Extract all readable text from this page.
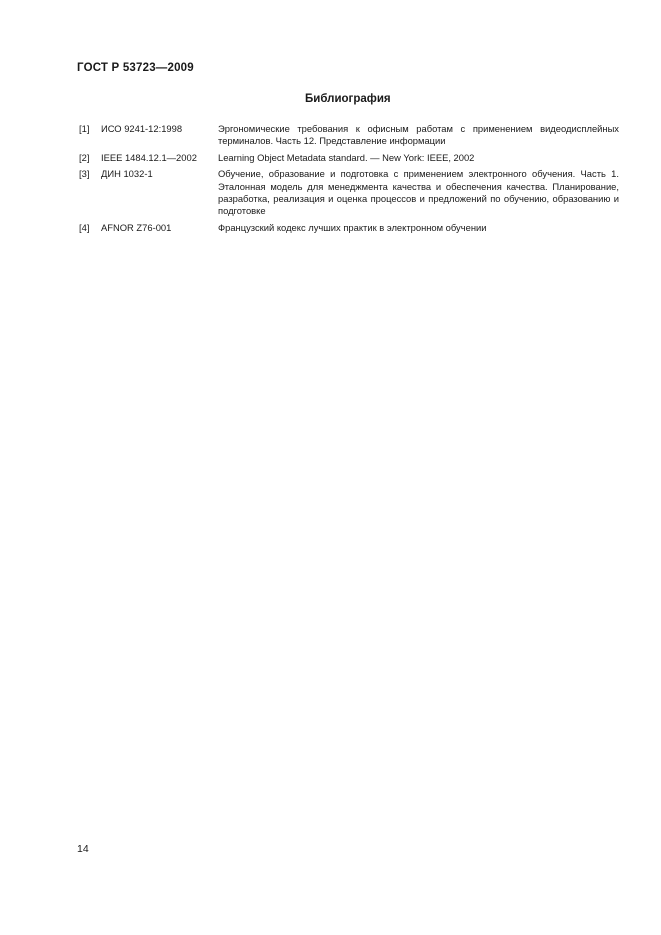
ГОСТ Р 53723—2009
Библиография
[1]	ИСО 9241-12:1998	Эргономические требования к офисным работам с применением видеодисплейных терминалов. Часть 12. Представление информации
[2]	IEEE 1484.12.1—2002	Learning Object Metadata standard. — New York: IEEE, 2002
[3]	ДИН 1032-1	Обучение, образование и подготовка с применением электронного обучения. Часть 1. Эталонная модель для менеджмента качества и обеспечения качества. Планирование, разработка, реализация и оценка процессов и предложений по обучению, образованию и подготовке
[4]	AFNOR Z76-001	Французский кодекс лучших практик в электронном обучении
14
